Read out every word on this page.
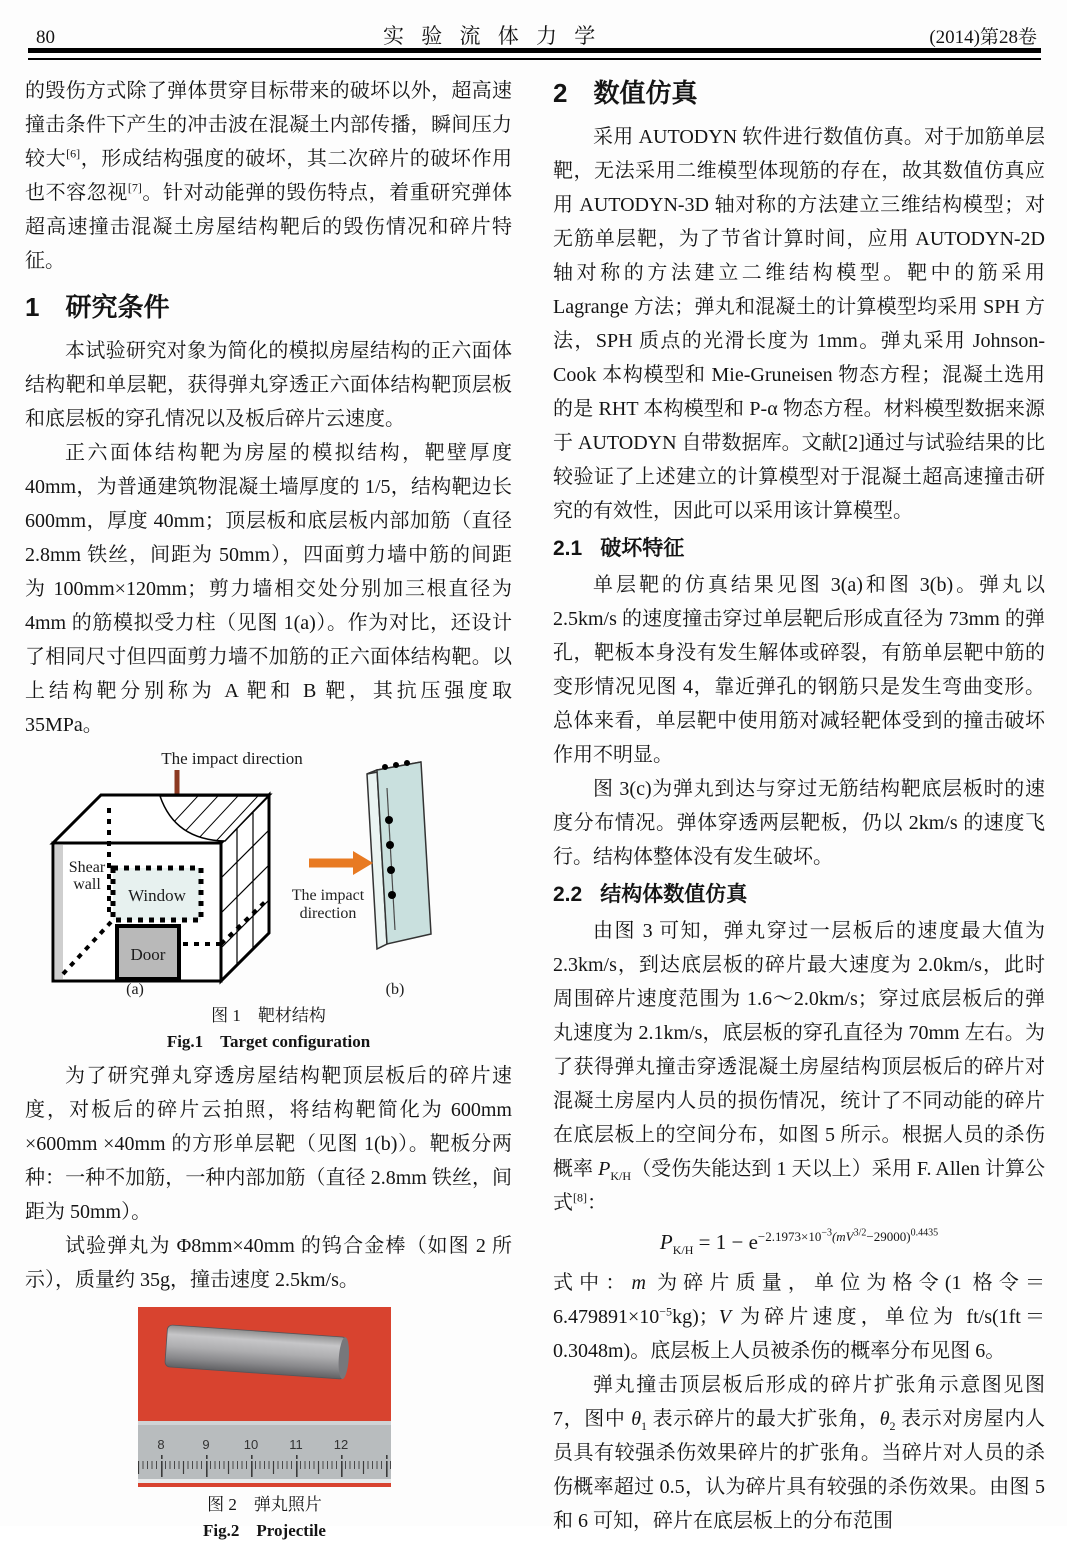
80	实 验 流 体 力 学	(2014)第28卷

的毁伤方式除了弹体贯穿目标带来的破坏以外，超高速撞击条件下产生的冲击波在混凝土内部传播，瞬间压力较大[6]，形成结构强度的破坏，其二次碎片的破坏作用也不容忽视[7]。针对动能弹的毁伤特点，着重研究弹体超高速撞击混凝土房屋结构靶后的毁伤情况和碎片特征。

1 研究条件

本试验研究对象为简化的模拟房屋结构的正六面体结构靶和单层靶，获得弹丸穿透正六面体结构靶顶层板和底层板的穿孔情况以及板后碎片云速度。

正六面体结构靶为房屋的模拟结构，靶壁厚度 40mm，为普通建筑物混凝土墙厚度的 1/5，结构靶边长 600mm，厚度 40mm；顶层板和底层板内部加筋（直径 2.8mm 铁丝，间距为 50mm），四面剪力墙中筋的间距为 100mm×120mm；剪力墙相交处分别加三根直径为 4mm 的筋模拟受力柱（见图 1(a)）。作为对比，还设计了相同尺寸但四面剪力墙不加筋的正六面体结构靶。以上结构靶分别称为 A 靶和 B 靶，其抗压强度取 35MPa。

The impact direction
Window
Door
Shear
wall
The impact
direction
(a)	(b)

图 1　靶材结构

Fig.1　Target configuration

为了研究弹丸穿透房屋结构靶顶层板后的碎片速度，对板后的碎片云拍照，将结构靶简化为 600mm ×600mm ×40mm 的方形单层靶（见图 1(b)）。靶板分两种：一种不加筋，一种内部加筋（直径 2.8mm 铁丝，间距为 50mm）。

试验弹丸为 Φ8mm×40mm 的钨合金棒（如图 2 所示），质量约 35g，撞击速度 2.5km/s。

8	9	10 11 12

图 2　弹丸照片

Fig.2　Projectile

2 数值仿真

采用 AUTODYN 软件进行数值仿真。对于加筋单层靶，无法采用二维模型体现筋的存在，故其数值仿真应用 AUTODYN-3D 轴对称的方法建立三维结构模型；对无筋单层靶，为了节省计算时间，应用 AUTODYN-2D 轴对称的方法建立二维结构模型。靶中的筋采用 Lagrange 方法；弹丸和混凝土的计算模型均采用 SPH 方法，SPH 质点的光滑长度为 1mm。弹丸采用 Johnson-Cook 本构模型和 Mie-Gruneisen 物态方程；混凝土选用的是 RHT 本构模型和 P-α 物态方程。材料模型数据来源于 AUTODYN 自带数据库。文献[2]通过与试验结果的比较验证了上述建立的计算模型对于混凝土超高速撞击研究的有效性，因此可以采用该计算模型。

2.1 破坏特征

单层靶的仿真结果见图 3(a)和图 3(b)。弹丸以 2.5km/s 的速度撞击穿过单层靶后形成直径为 73mm 的弹孔，靶板本身没有发生解体或碎裂，有筋单层靶中筋的变形情况见图 4，靠近弹孔的钢筋只是发生弯曲变形。总体来看，单层靶中使用筋对减轻靶体受到的撞击破坏作用不明显。

图 3(c)为弹丸到达与穿过无筋结构靶底层板时的速度分布情况。弹体穿透两层靶板，仍以 2km/s 的速度飞行。结构体整体没有发生破坏。

2.2 结构体数值仿真

由图 3 可知，弹丸穿过一层板后的速度最大值为 2.3km/s，到达底层板的碎片最大速度为 2.0km/s，此时周围碎片速度范围为 1.6～2.0km/s；穿过底层板后的弹丸速度为 2.1km/s，底层板的穿孔直径为 70mm 左右。为了获得弹丸撞击穿透混凝土房屋结构顶层板后的碎片对混凝土房屋内人员的损伤情况，统计了不同动能的碎片在底层板上的空间分布，如图 5 所示。根据人员的杀伤概率 $P_{K/H}$（受伤失能达到 1 天以上）采用 F. Allen 计算公式[8]：

$P_{K/H} = 1 - e^{-2.1973\times 10^{-3}(mV^{3/2}-29000)^{0.4435}}$

式中：m 为碎片质量，单位为格令(1 格令$=6.479891\times 10^{-5}kg$)；V 为碎片速度，单位为 ft/s(1ft＝0.3048m)。底层板上人员被杀伤的概率分布见图 6。

弹丸撞击顶层板后形成的碎片扩张角示意图见图 7，图中 $\theta_1$ 表示碎片的最大扩张角，$\theta_2$ 表示对房屋内人员具有较强杀伤效果碎片的扩张角。当碎片对人员的杀伤概率超过 0.5，认为碎片具有较强的杀伤效果。由图 5 和 6 可知，碎片在底层板上的分布范围
